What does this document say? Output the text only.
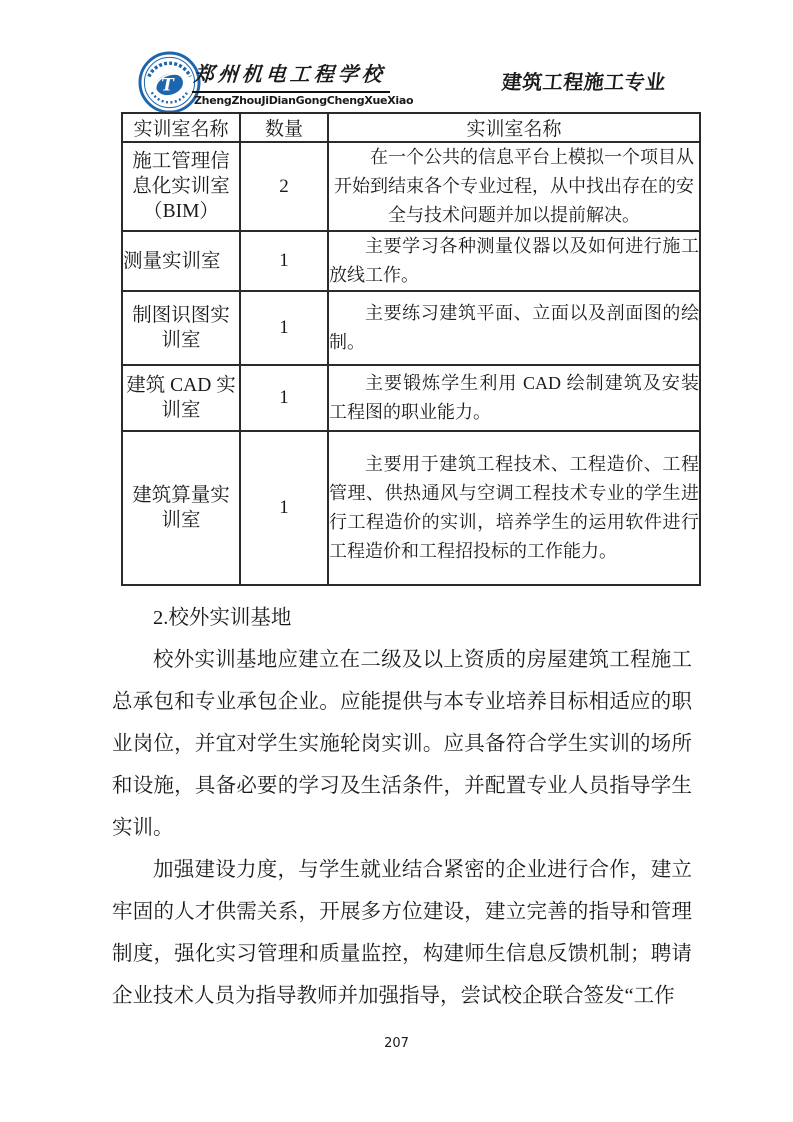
T 郑州机电工程学校
ZhengZhouJiDianGongChengXueXiao
建筑工程施工专业
实训室名称	数量	实训室名称
施工管理信息化实训室（BIM）	2	在一个公共的信息平台上模拟一个项目从开始到结束各个专业过程，从中找出存在的安全与技术问题并加以提前解决。
测量实训室	1	主要学习各种测量仪器以及如何进行施工放线工作。
制图识图实训室	1	主要练习建筑平面、立面以及剖面图的绘制。
建筑 CAD 实训室	1	主要锻炼学生利用 CAD 绘制建筑及安装工程图的职业能力。
建筑算量实训室	1	主要用于建筑工程技术、工程造价、工程管理、供热通风与空调工程技术专业的学生进行工程造价的实训，培养学生的运用软件进行工程造价和工程招投标的工作能力。

2.校外实训基地

校外实训基地应建立在二级及以上资质的房屋建筑工程施工总承包和专业承包企业。应能提供与本专业培养目标相适应的职业岗位，并宜对学生实施轮岗实训。应具备符合学生实训的场所和设施，具备必要的学习及生活条件，并配置专业人员指导学生实训。

加强建设力度，与学生就业结合紧密的企业进行合作，建立牢固的人才供需关系，开展多方位建设，建立完善的指导和管理制度，强化实习管理和质量监控，构建师生信息反馈机制；聘请企业技术人员为指导教师并加强指导，尝试校企联合签发“工作

207
